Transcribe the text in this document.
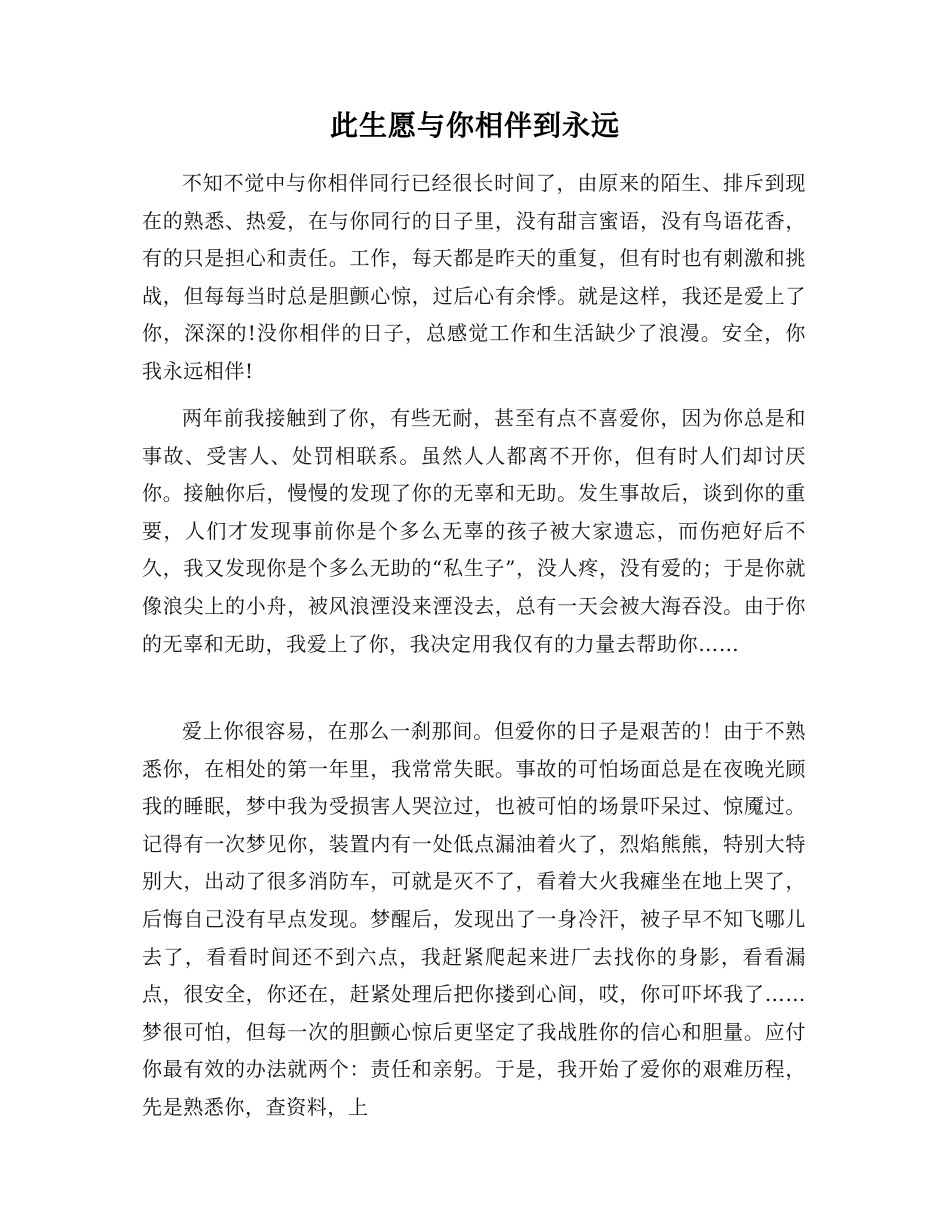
此生愿与你相伴到永远

不知不觉中与你相伴同行已经很长时间了，由原来的陌生、排斥到现在的熟悉、热爱，在与你同行的日子里，没有甜言蜜语，没有鸟语花香，有的只是担心和责任。工作，每天都是昨天的重复，但有时也有刺激和挑战，但每每当时总是胆颤心惊，过后心有余悸。就是这样，我还是爱上了你，深深的!没你相伴的日子，总感觉工作和生活缺少了浪漫。安全，你我永远相伴!

两年前我接触到了你，有些无耐，甚至有点不喜爱你，因为你总是和事故、受害人、处罚相联系。虽然人人都离不开你，但有时人们却讨厌你。接触你后，慢慢的发现了你的无辜和无助。发生事故后，谈到你的重要，人们才发现事前你是个多么无辜的孩子被大家遗忘，而伤疤好后不久，我又发现你是个多么无助的“私生子”，没人疼，没有爱的；于是你就像浪尖上的小舟，被风浪湮没来湮没去，总有一天会被大海吞没。由于你的无辜和无助，我爱上了你，我决定用我仅有的力量去帮助你……

爱上你很容易，在那么一刹那间。但爱你的日子是艰苦的！由于不熟悉你，在相处的第一年里，我常常失眠。事故的可怕场面总是在夜晚光顾我的睡眠，梦中我为受损害人哭泣过，也被可怕的场景吓呆过、惊魇过。记得有一次梦见你，装置内有一处低点漏油着火了，烈焰熊熊，特别大特别大，出动了很多消防车，可就是灭不了，看着大火我瘫坐在地上哭了，后悔自己没有早点发现。梦醒后，发现出了一身冷汗，被子早不知飞哪儿去了，看看时间还不到六点，我赶紧爬起来进厂去找你的身影，看看漏点，很安全，你还在，赶紧处理后把你搂到心间，哎，你可吓坏我了……梦很可怕，但每一次的胆颤心惊后更坚定了我战胜你的信心和胆量。应付你最有效的办法就两个：责任和亲躬。于是，我开始了爱你的艰难历程，先是熟悉你，查资料，上
